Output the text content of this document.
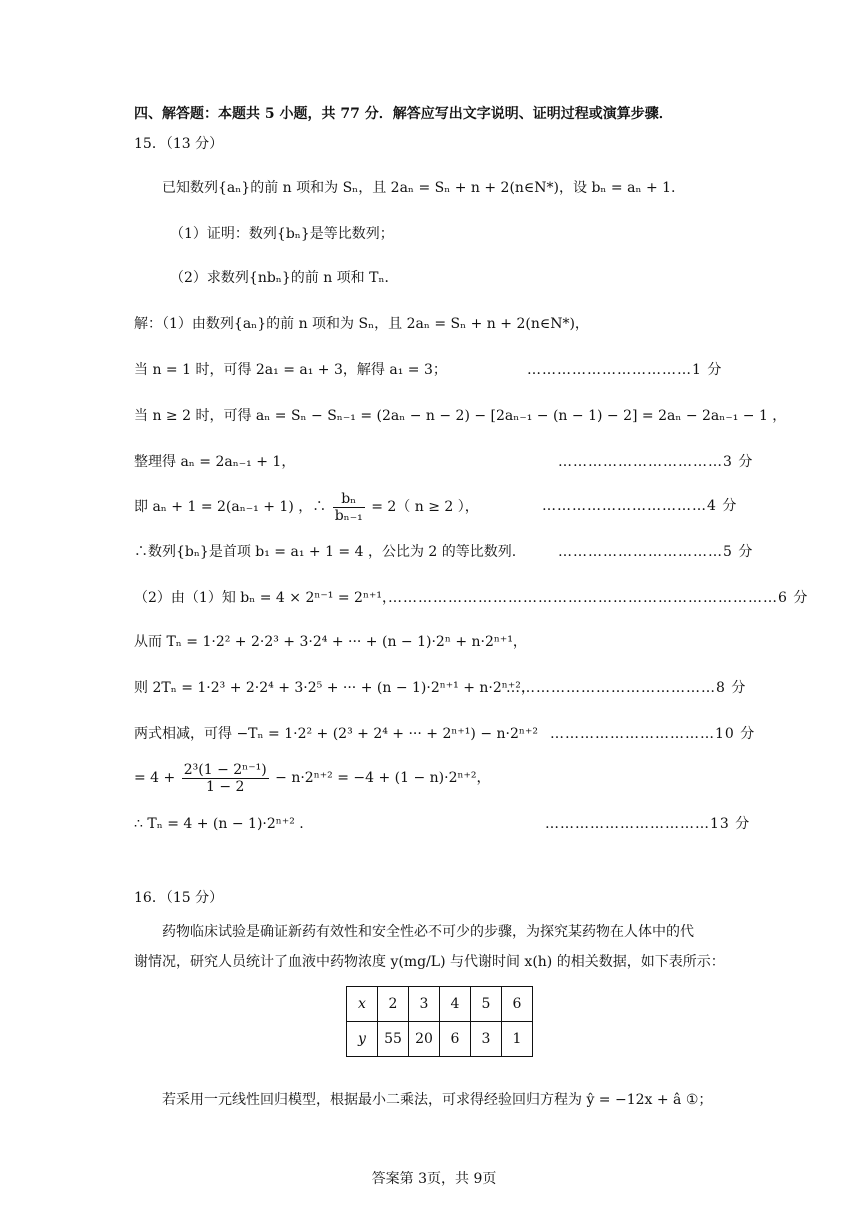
四、解答题：本题共 5 小题，共 77 分．解答应写出文字说明、证明过程或演算步骤．
15．（13 分）
已知数列{aₙ}的前 n 项和为 Sₙ，且 2aₙ = Sₙ + n + 2(n∈N*)，设 bₙ = aₙ + 1.
（1）证明：数列{bₙ}是等比数列；
（2）求数列{nbₙ}的前 n 项和 Tₙ．
解：（1）由数列{aₙ}的前 n 项和为 Sₙ，且 2aₙ = Sₙ + n + 2(n∈N*)，
当 n = 1 时，可得 2a₁ = a₁ + 3，解得 a₁ = 3；	……………………………1 分
当 n ≥ 2 时，可得 aₙ = Sₙ − Sₙ₋₁ = (2aₙ − n − 2) − [2aₙ₋₁ − (n − 1) − 2] = 2aₙ − 2aₙ₋₁ − 1 ，
整理得 aₙ = 2aₙ₋₁ + 1，	……………………………3 分
即 aₙ + 1 = 2(aₙ₋₁ + 1) ，∴ $\frac{\text{bₙ}}{\text{bₙ₋₁}} = 2$（ n ≥ 2 ），	……………………………4 分
∴数列{bₙ}是首项 b₁ = a₁ + 1 = 4 ，公比为 2 的等比数列.	……………………………5 分
（2）由（1）知 bₙ = 4 × 2ⁿ⁻¹ = 2ⁿ⁺¹，
……………………………………………………………………6 分
从而 Tₙ = 1·2² + 2·2³ + 3·2⁴ + ··· + (n − 1)·2ⁿ + n·2ⁿ⁺¹，
则 2Tₙ = 1·2³ + 2·2⁴ + 3·2⁵ + ··· + (n − 1)·2ⁿ⁺¹ + n·2ⁿ⁺²，
……………………………………8 分
两式相减，可得 −Tₙ = 1·2² + (2³ + 2⁴ + ··· + 2ⁿ⁺¹) − n·2ⁿ⁺² ……………………………10 分
= $4 + \frac{\text{2³(1 − 2ⁿ⁻¹)}}{1 - 2} - n\cdot 2^{n+2} = -4 + (1 - n)\cdot 2^{n+2}$，
∴ Tₙ = 4 + (n − 1)·2ⁿ⁺² .	……………………………13 分
16．（15 分）
药物临床试验是确证新药有效性和安全性必不可少的步骤，为探究某药物在人体中的代
谢情况，研究人员统计了血液中药物浓度 y(mg/L) 与代谢时间 x(h) 的相关数据，如下表所示：
x	2	3	4	5	6
y	55	20	6	3	1
若采用一元线性回归模型，根据最小二乘法，可求得经验回归方程为 ŷ = −12x + â ①；
答案第 3页，共 9页
